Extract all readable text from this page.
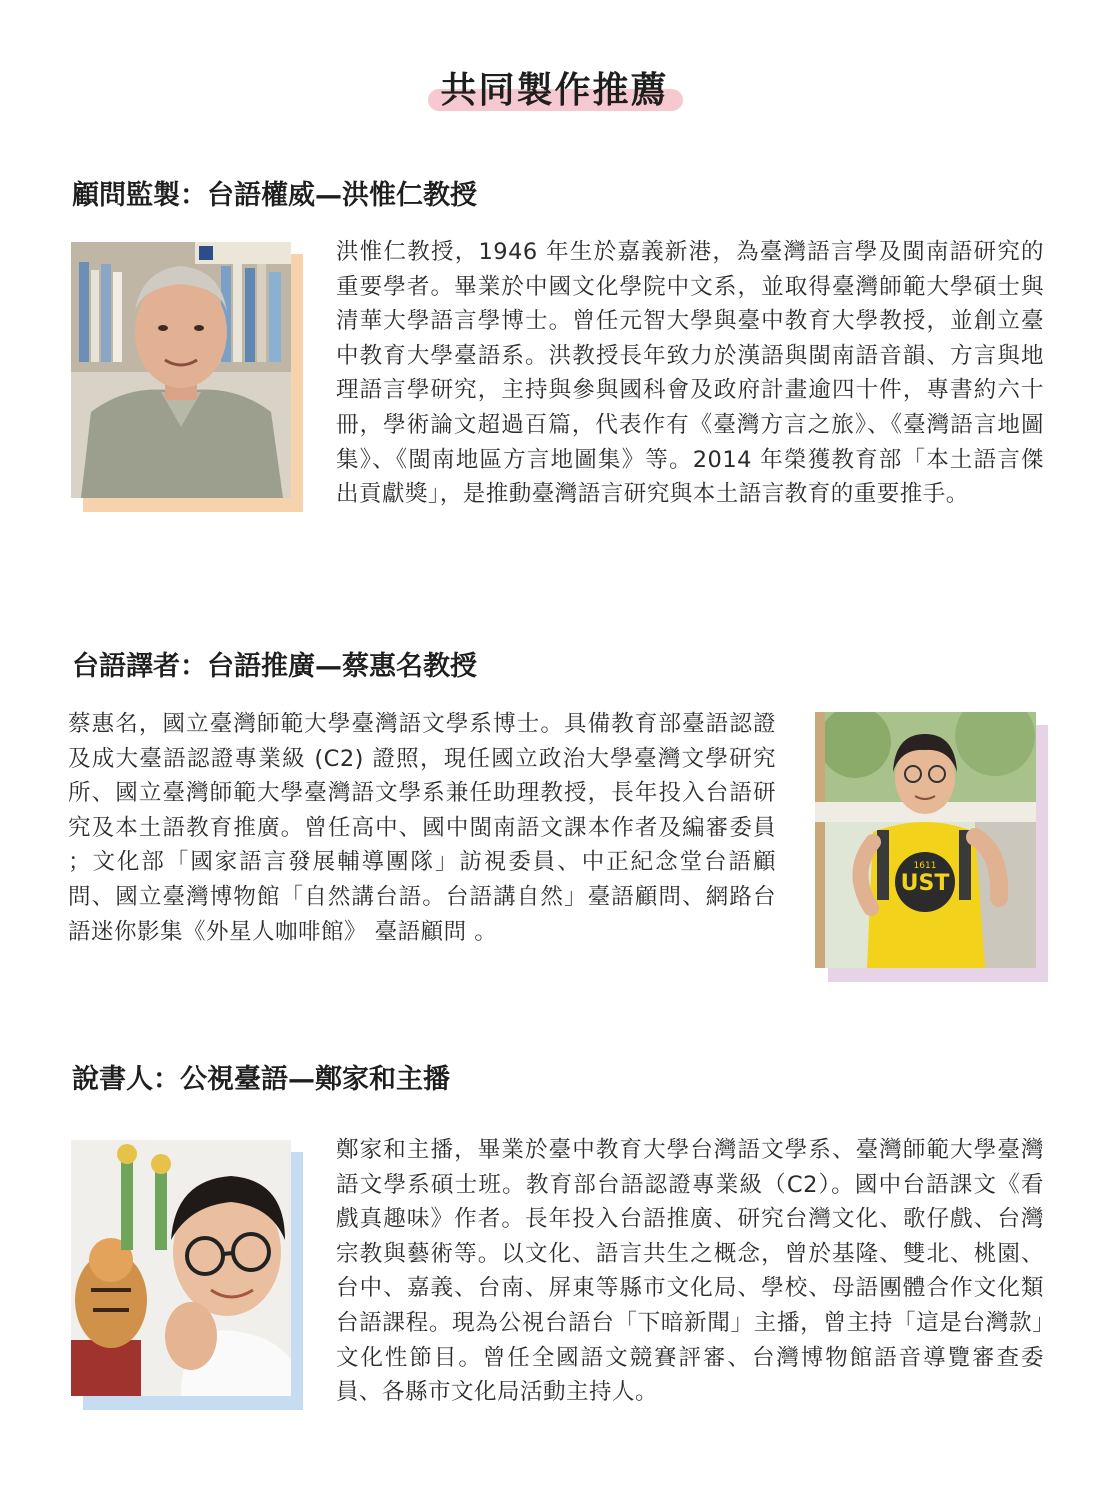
共同製作推薦
顧問監製：台語權威—洪惟仁教授
洪惟仁教授，1946 年生於嘉義新港，為臺灣語言學及閩南語研究的重要學者。畢業於中國文化學院中文系，並取得臺灣師範大學碩士與清華大學語言學博士。曾任元智大學與臺中教育大學教授，並創立臺中教育大學臺語系。洪教授長年致力於漢語與閩南語音韻、方言與地理語言學研究，主持與參與國科會及政府計畫逾四十件，專書約六十冊，學術論文超過百篇，代表作有《臺灣方言之旅》、《臺灣語言地圖集》、《閩南地區方言地圖集》等。2014 年榮獲教育部「本土語言傑出貢獻獎」，是推動臺灣語言研究與本土語言教育的重要推手。
台語譯者：台語推廣—蔡惠名教授
蔡惠名，國立臺灣師範大學臺灣語文學系博士。具備教育部臺語認證及成大臺語認證專業級 (C2) 證照，現任國立政治大學臺灣文學研究所、國立臺灣師範大學臺灣語文學系兼任助理教授，長年投入台語研究及本土語教育推廣。曾任高中、國中閩南語文課本作者及編審委員 ；文化部「國家語言發展輔導團隊」訪視委員、中正紀念堂台語顧問、國立臺灣博物館「自然講台語。台語講自然」臺語顧問、網路台語迷你影集《外星人咖啡館》 臺語顧問 。
UST
1611
說書人：公視臺語—鄭家和主播
鄭家和主播，畢業於臺中教育大學台灣語文學系、臺灣師範大學臺灣語文學系碩士班。教育部台語認證專業級（C2）。國中台語課文《看戲真趣味》作者。長年投入台語推廣、研究台灣文化、歌仔戲、台灣宗教與藝術等。以文化、語言共生之概念，曾於基隆、雙北、桃園、台中、嘉義、台南、屏東等縣市文化局、學校、母語團體合作文化類台語課程。現為公視台語台「下暗新聞」主播，曾主持「這是台灣款」文化性節目。曾任全國語文競賽評審、台灣博物館語音導覽審查委員、各縣市文化局活動主持人。
